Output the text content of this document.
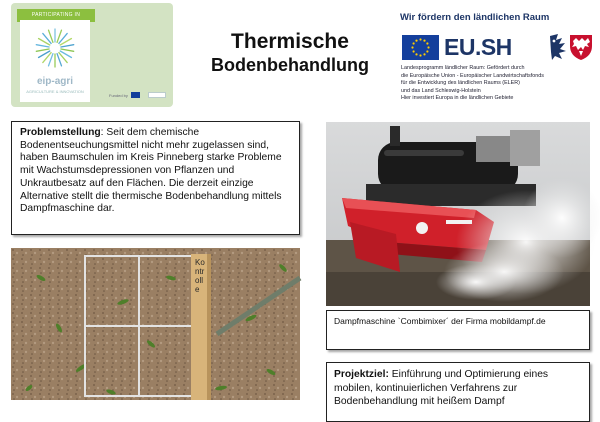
PARTICIPATING IN
eip-agri
AGRICULTURE & INNOVATION
Funded by
Thermische
Bodenbehandlung
Wir fördern den ländlichen Raum
EU.SH
Landesprogramm ländlicher Raum: Gefördert durch
die Europäische Union - Europäischer Landwirtschaftsfonds
für die Entwicklung des ländlichen Raums (ELER)
und das Land Schleswig-Holstein
Hier investiert Europa in die ländlichen Gebiete
Problemstellung: Seit dem chemische Bodenentseuchungsmittel nicht mehr zugelassen sind, haben Baumschulen im Kreis Pinneberg starke Probleme mit Wachstumsdepressionen von Pflanzen und Unkrautbesatz auf den Flächen. Die derzeit einzige Alternative stellt die thermische Bodenbehandlung mittels Dampfmaschine dar.
Dampfmaschine `Combimixer´ der Firma mobildampf.de
Kontrolle
Projektziel: Einführung und Optimierung eines mobilen, kontinuierlichen Verfahrens zur Bodenbehandlung mit heißem Dampf
